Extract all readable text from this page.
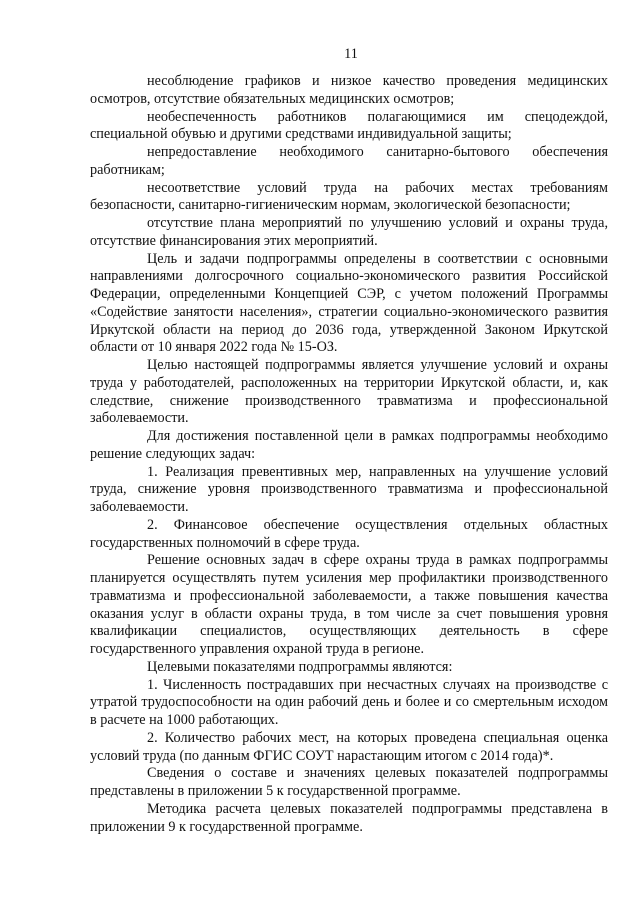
11

несоблюдение графиков и низкое качество проведения медицинских осмотров, отсутствие обязательных медицинских осмотров;

необеспеченность работников полагающимися им спецодеждой, специальной обувью и другими средствами индивидуальной защиты;

непредоставление необходимого санитарно-бытового обеспечения работникам;

несоответствие условий труда на рабочих местах требованиям безопасности, санитарно-гигиеническим нормам, экологической безопасности;

отсутствие плана мероприятий по улучшению условий и охраны труда, отсутствие финансирования этих мероприятий.

Цель и задачи подпрограммы определены в соответствии с основными направлениями долгосрочного социально-экономического развития Российской Федерации, определенными Концепцией СЭР, с учетом положений Программы «Содействие занятости населения», стратегии социально-экономического развития Иркутской области на период до 2036 года, утвержденной Законом Иркутской области от 10 января 2022 года № 15-ОЗ.

Целью настоящей подпрограммы является улучшение условий и охраны труда у работодателей, расположенных на территории Иркутской области, и, как следствие, снижение производственного травматизма и профессиональной заболеваемости.

Для достижения поставленной цели в рамках подпрограммы необходимо решение следующих задач:

1. Реализация превентивных мер, направленных на улучшение условий труда, снижение уровня производственного травматизма и профессиональной заболеваемости.

2. Финансовое обеспечение осуществления отдельных областных государственных полномочий в сфере труда.

Решение основных задач в сфере охраны труда в рамках подпрограммы планируется осуществлять путем усиления мер профилактики производственного травматизма и профессиональной заболеваемости, а также повышения качества оказания услуг в области охраны труда, в том числе за счет повышения уровня квалификации специалистов, осуществляющих деятельность в сфере государственного управления охраной труда в регионе.

Целевыми показателями подпрограммы являются:

1. Численность пострадавших при несчастных случаях на производстве с утратой трудоспособности на один рабочий день и более и со смертельным исходом в расчете на 1000 работающих.

2. Количество рабочих мест, на которых проведена специальная оценка условий труда (по данным ФГИС СОУТ нарастающим итогом с 2014 года)*.

Сведения о составе и значениях целевых показателей подпрограммы представлены в приложении 5 к государственной программе.

Методика расчета целевых показателей подпрограммы представлена в приложении 9 к государственной программе.
